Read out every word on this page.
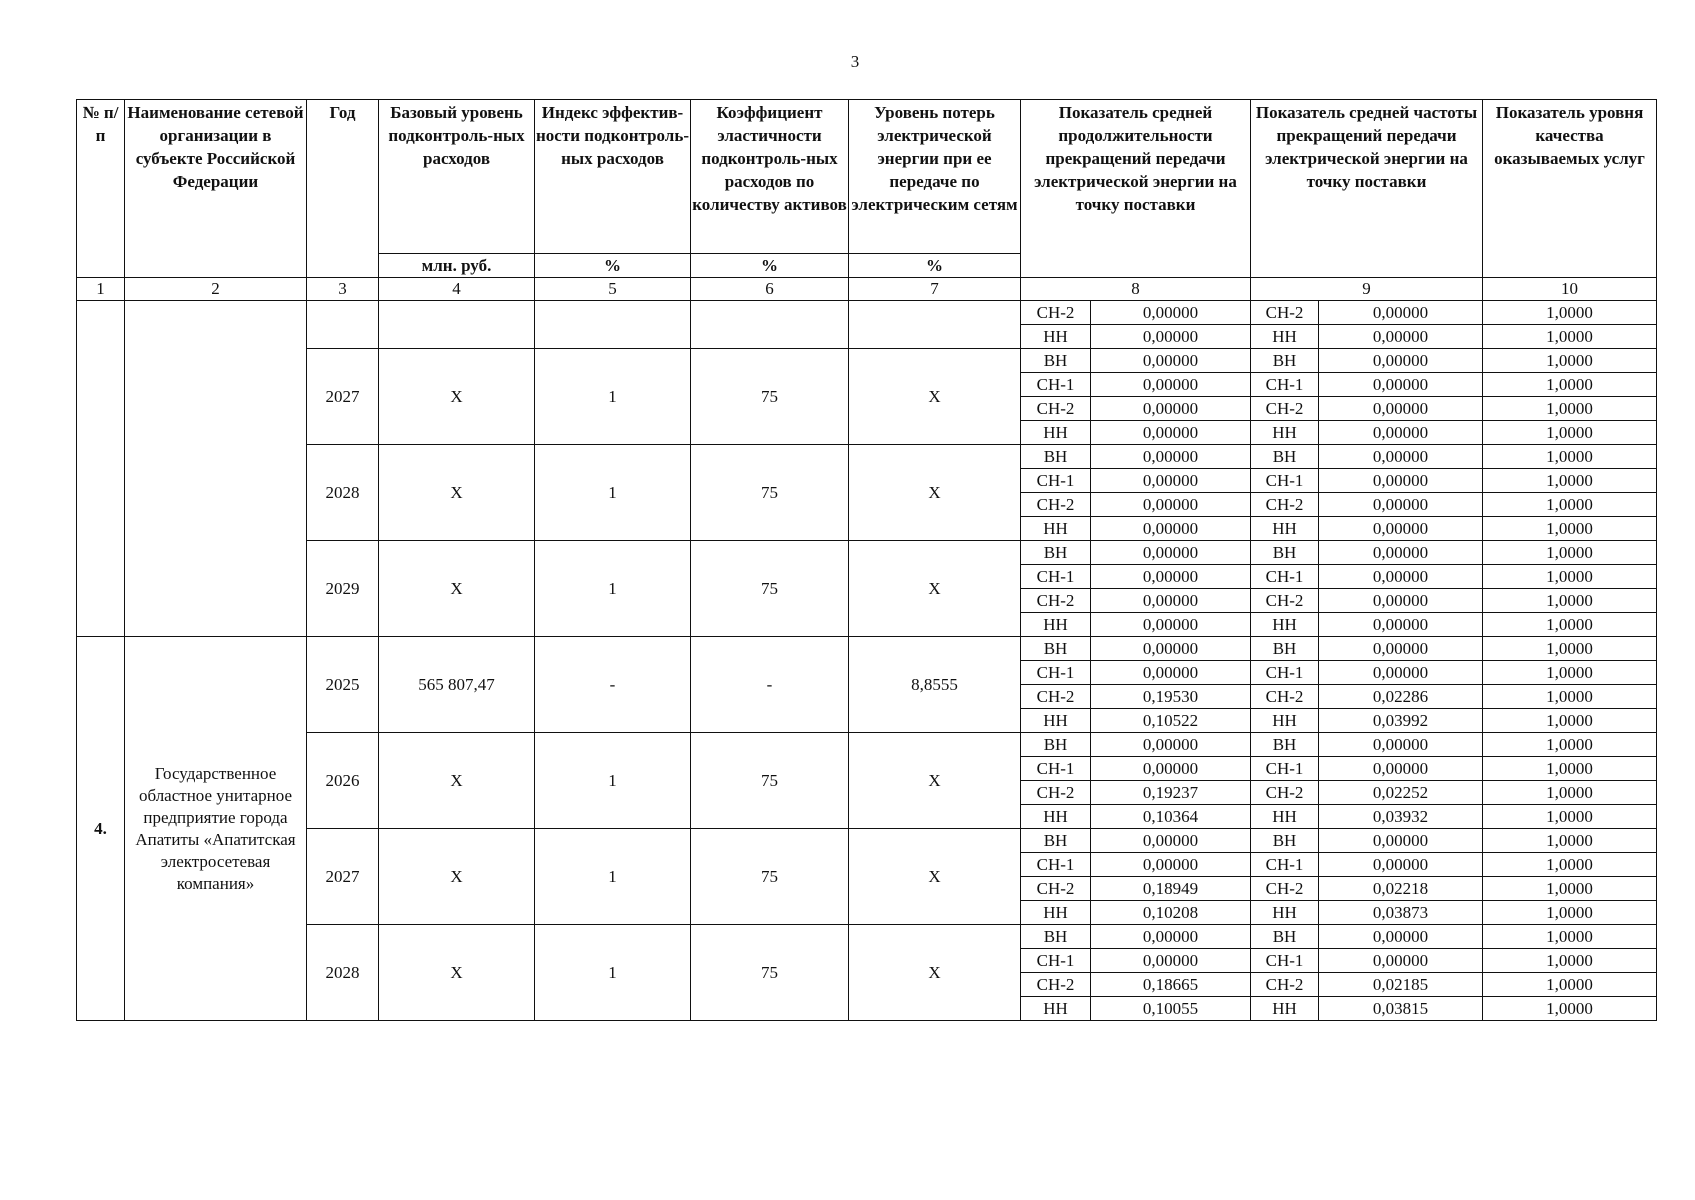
3
№ п/ п	Наименование сетевой организации в субъекте Российской Федерации	Год	Базовый уровень подконтроль-ных расходов	Индекс эффектив-ности подконтроль-ных расходов	Коэффициент эластичности подконтроль-ных расходов по количеству активов	Уровень потерь электрической энергии при ее передаче по электрическим сетям	Показатель средней продолжительности прекращений передачи электрической энергии на точку поставки		Показатель средней частоты прекращений передачи электрической энергии на точку поставки		Показатель уровня качества оказываемых услуг
			млн. руб.	%	%	%					
1	2	3	4	5	6	7	8		9		10
							СН-2	0,00000	СН-2	0,00000	1,0000
							НН	0,00000	НН	0,00000	1,0000
		2027	X	1	75	X	ВН	0,00000	ВН	0,00000	1,0000
							СН-1	0,00000	СН-1	0,00000	1,0000
							СН-2	0,00000	СН-2	0,00000	1,0000
							НН	0,00000	НН	0,00000	1,0000
		2028	X	1	75	X	ВН	0,00000	ВН	0,00000	1,0000
							СН-1	0,00000	СН-1	0,00000	1,0000
							СН-2	0,00000	СН-2	0,00000	1,0000
							НН	0,00000	НН	0,00000	1,0000
		2029	X	1	75	X	ВН	0,00000	ВН	0,00000	1,0000
							СН-1	0,00000	СН-1	0,00000	1,0000
							СН-2	0,00000	СН-2	0,00000	1,0000
							НН	0,00000	НН	0,00000	1,0000
4.	Государственное областное унитарное предприятие города Апатиты «Апатитская электросетевая компания»	2025	565 807,47	-	-	8,8555	ВН	0,00000	ВН	0,00000	1,0000
							СН-1	0,00000	СН-1	0,00000	1,0000
							СН-2	0,19530	СН-2	0,02286	1,0000
							НН	0,10522	НН	0,03992	1,0000
		2026	X	1	75	X	ВН	0,00000	ВН	0,00000	1,0000
							СН-1	0,00000	СН-1	0,00000	1,0000
							СН-2	0,19237	СН-2	0,02252	1,0000
							НН	0,10364	НН	0,03932	1,0000
		2027	X	1	75	X	ВН	0,00000	ВН	0,00000	1,0000
							СН-1	0,00000	СН-1	0,00000	1,0000
							СН-2	0,18949	СН-2	0,02218	1,0000
							НН	0,10208	НН	0,03873	1,0000
		2028	X	1	75	X	ВН	0,00000	ВН	0,00000	1,0000
							СН-1	0,00000	СН-1	0,00000	1,0000
							СН-2	0,18665	СН-2	0,02185	1,0000
							НН	0,10055	НН	0,03815	1,0000
